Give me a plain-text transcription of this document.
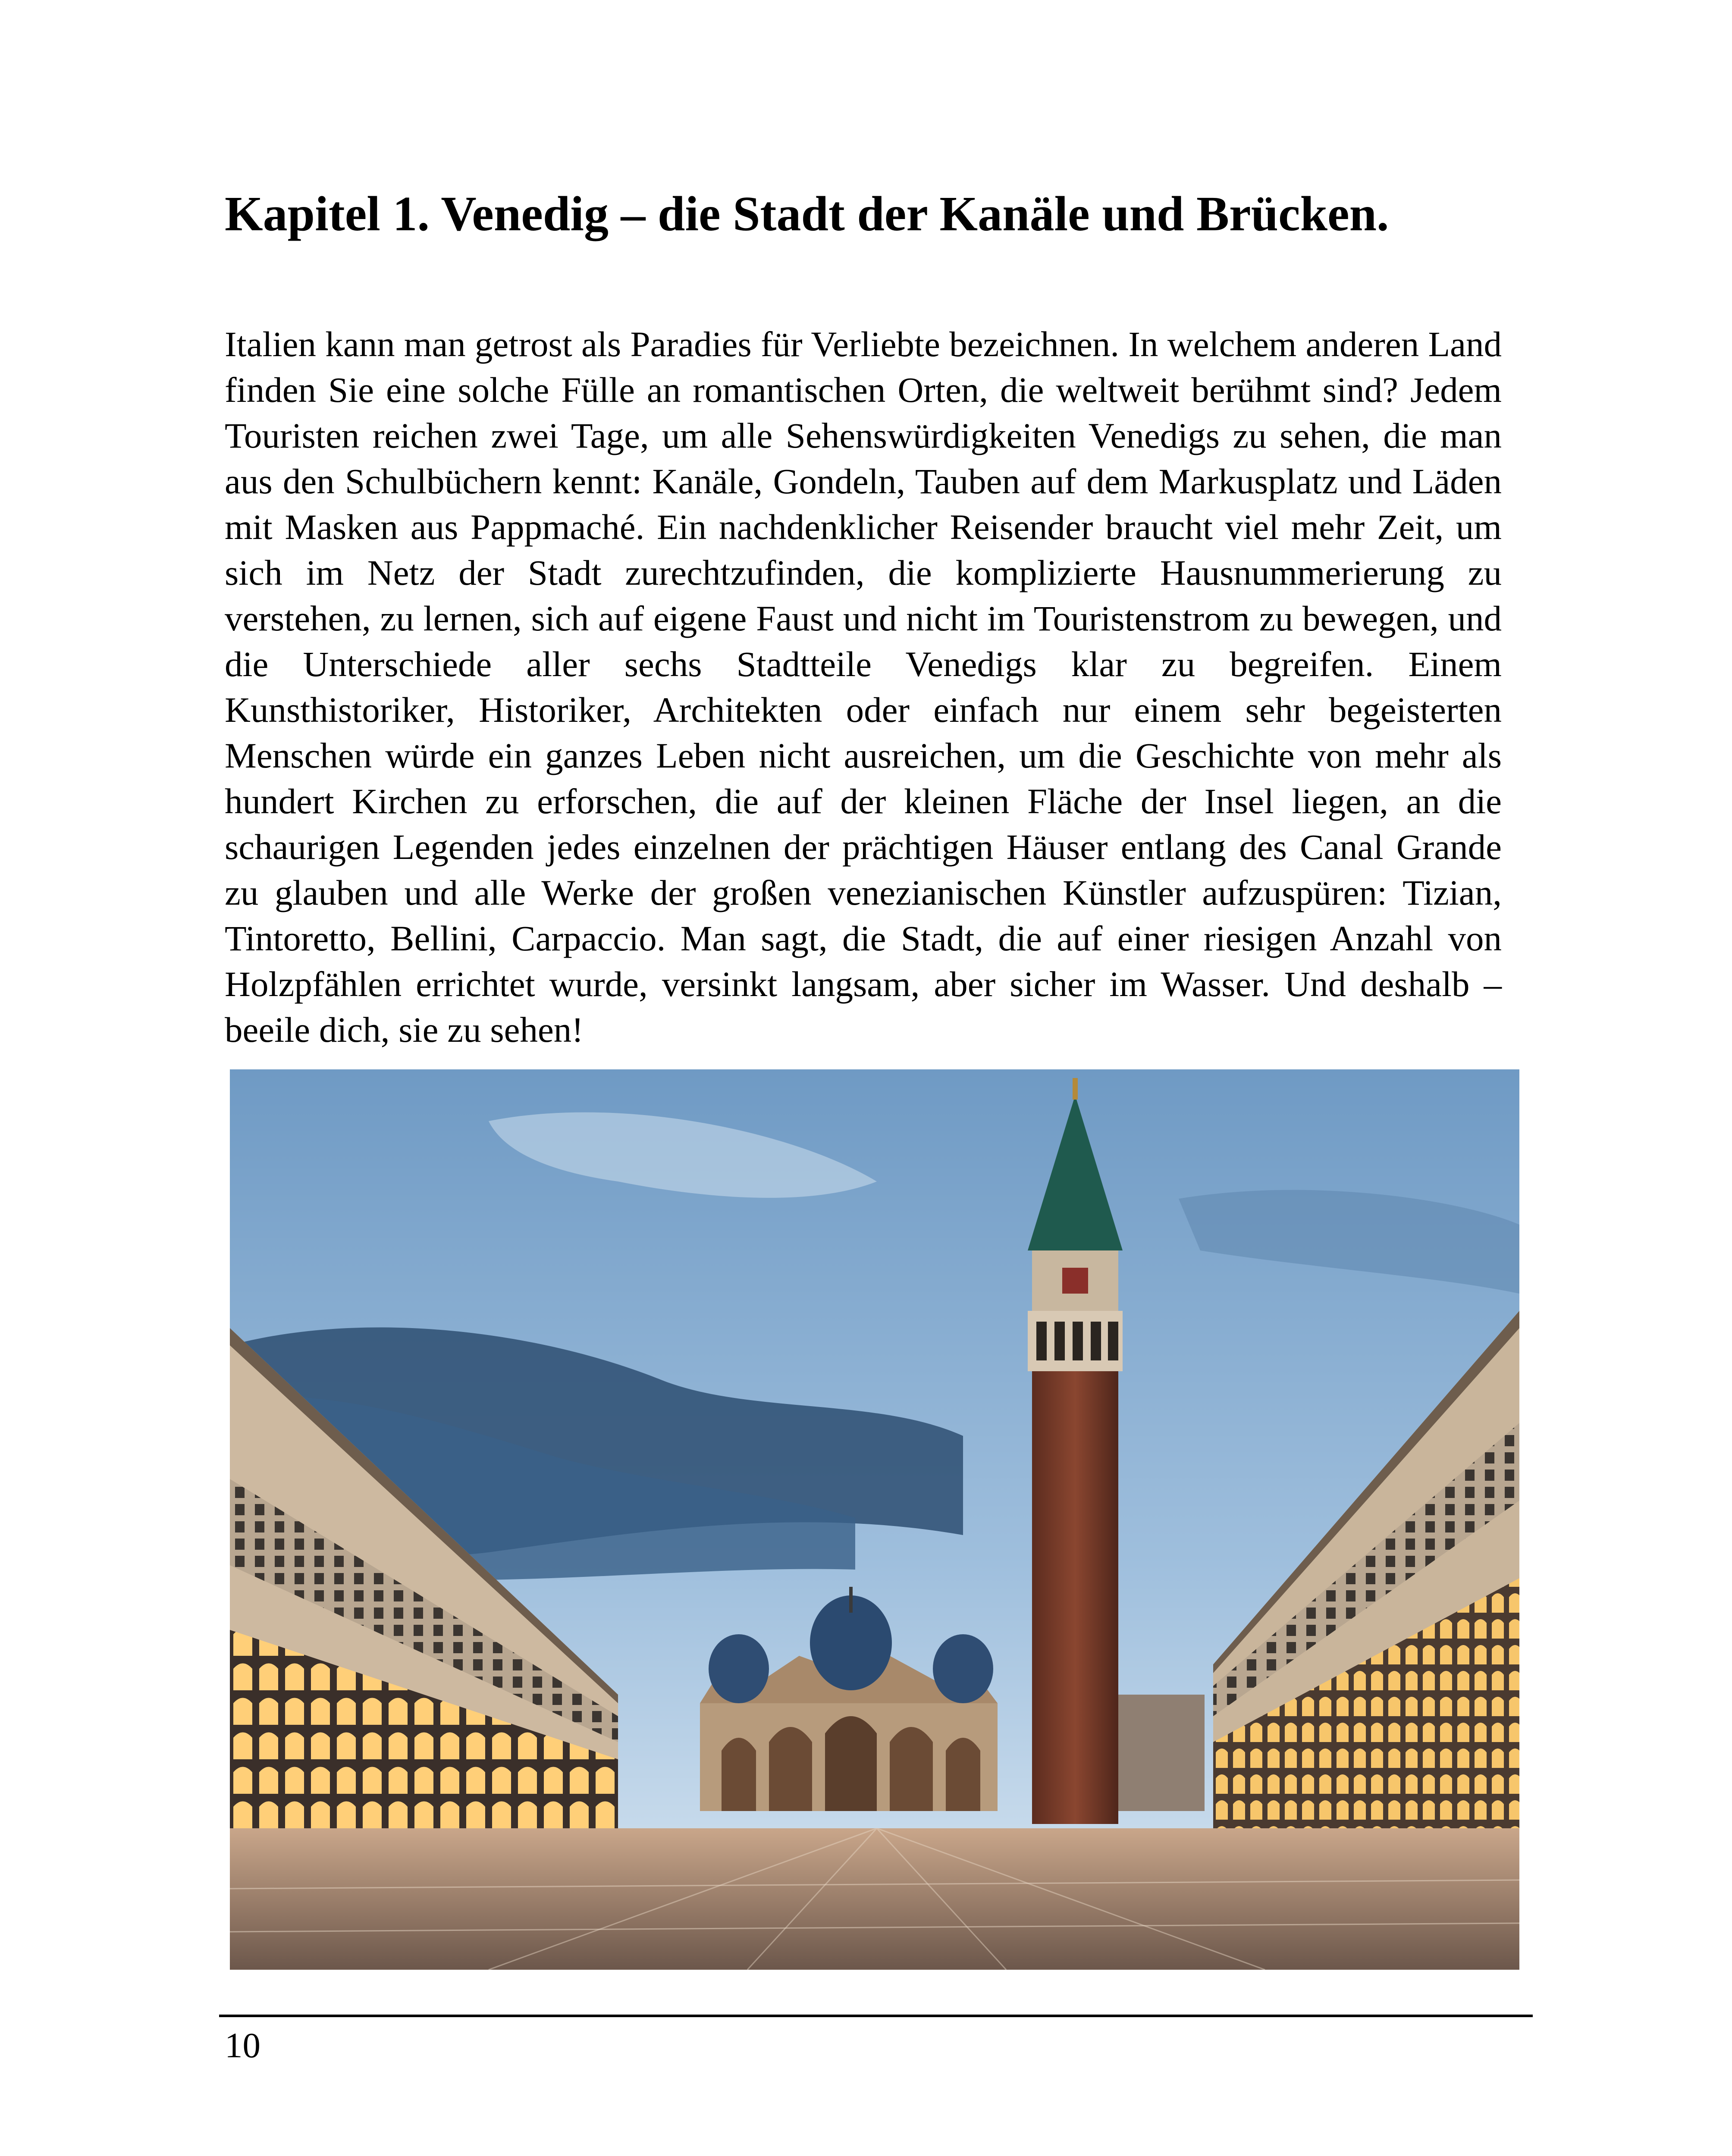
Kapitel 1. Venedig – die Stadt der Kanäle und Brücken.

Italien kann man getrost als Paradies für Verliebte bezeichnen. In welchem anderen Land finden Sie eine solche Fülle an romantischen Orten, die weltweit berühmt sind? Jedem Touristen reichen zwei Tage, um alle Sehenswürdigkeiten Venedigs zu sehen, die man aus den Schulbüchern kennt: Kanäle, Gondeln, Tauben auf dem Markusplatz und Läden mit Masken aus Pappmaché. Ein nachdenklicher Reisender braucht viel mehr Zeit, um sich im Netz der Stadt zurechtzufinden, die komplizierte Hausnummerierung zu verstehen, zu lernen, sich auf eigene Faust und nicht im Touristenstrom zu bewegen, und die Unterschiede aller sechs Stadtteile Venedigs klar zu begreifen. Einem Kunsthistoriker, Historiker, Architekten oder einfach nur einem sehr begeisterten Menschen würde ein ganzes Leben nicht ausreichen, um die Geschichte von mehr als hundert Kirchen zu erforschen, die auf der kleinen Fläche der Insel liegen, an die schaurigen Legenden jedes einzelnen der prächtigen Häuser entlang des Canal Grande zu glauben und alle Werke der großen venezianischen Künstler aufzuspüren: Tizian, Tintoretto, Bellini, Carpaccio. Man sagt, die Stadt, die auf einer riesigen Anzahl von Holzpfählen errichtet wurde, versinkt langsam, aber sicher im Wasser. Und deshalb – beeile dich, sie zu sehen!

10
